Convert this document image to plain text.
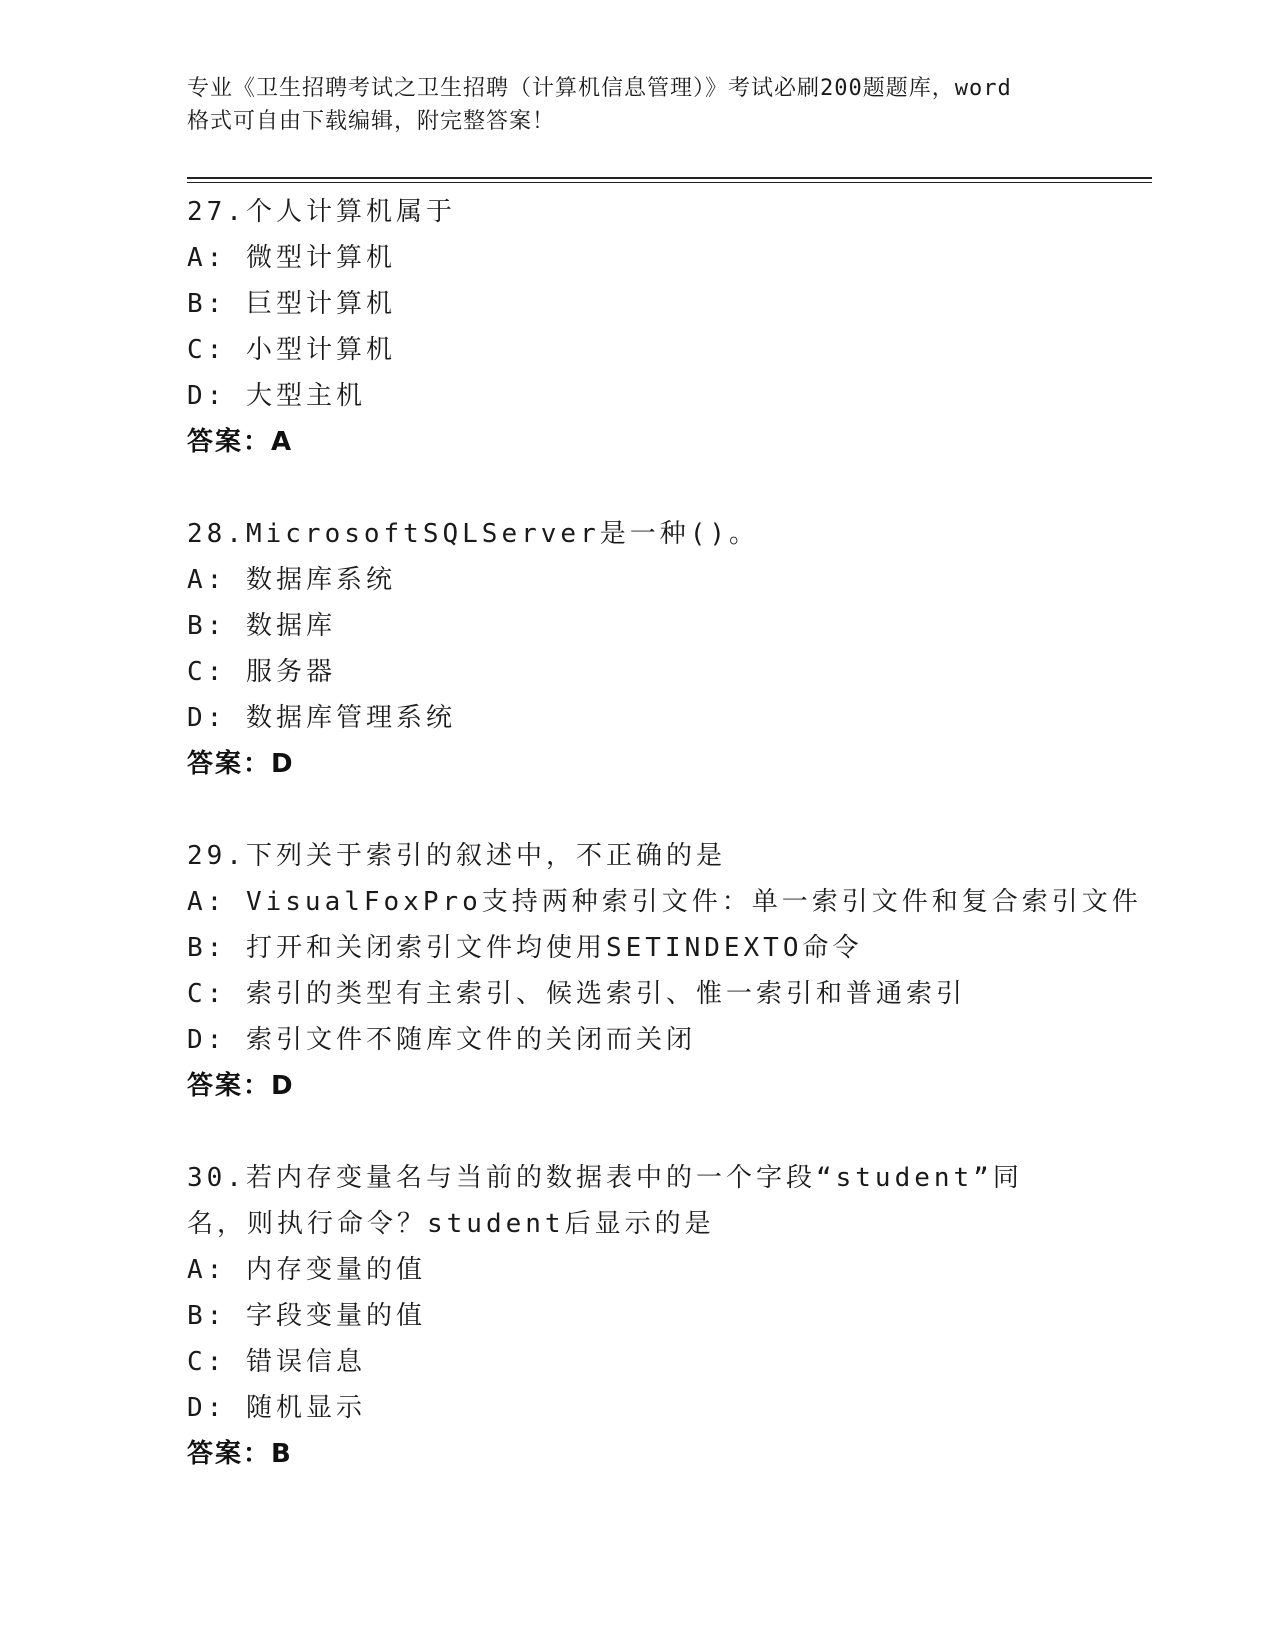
专业《卫生招聘考试之卫生招聘（计算机信息管理）》考试必刷200题题库，word
格式可自由下载编辑，附完整答案！
27.个人计算机属于
A: 微型计算机
B: 巨型计算机
C: 小型计算机
D: 大型主机
答案：A
28.MicrosoftSQLServer是一种()。
A: 数据库系统
B: 数据库
C: 服务器
D: 数据库管理系统
答案：D
29.下列关于索引的叙述中，不正确的是
A: VisualFoxPro支持两种索引文件：单一索引文件和复合索引文件
B: 打开和关闭索引文件均使用SETINDEXTO命令
C: 索引的类型有主索引、候选索引、惟一索引和普通索引
D: 索引文件不随库文件的关闭而关闭
答案：D
30.若内存变量名与当前的数据表中的一个字段“student”同名，则执行命令？student后显示的是
A: 内存变量的值
B: 字段变量的值
C: 错误信息
D: 随机显示
答案：B
